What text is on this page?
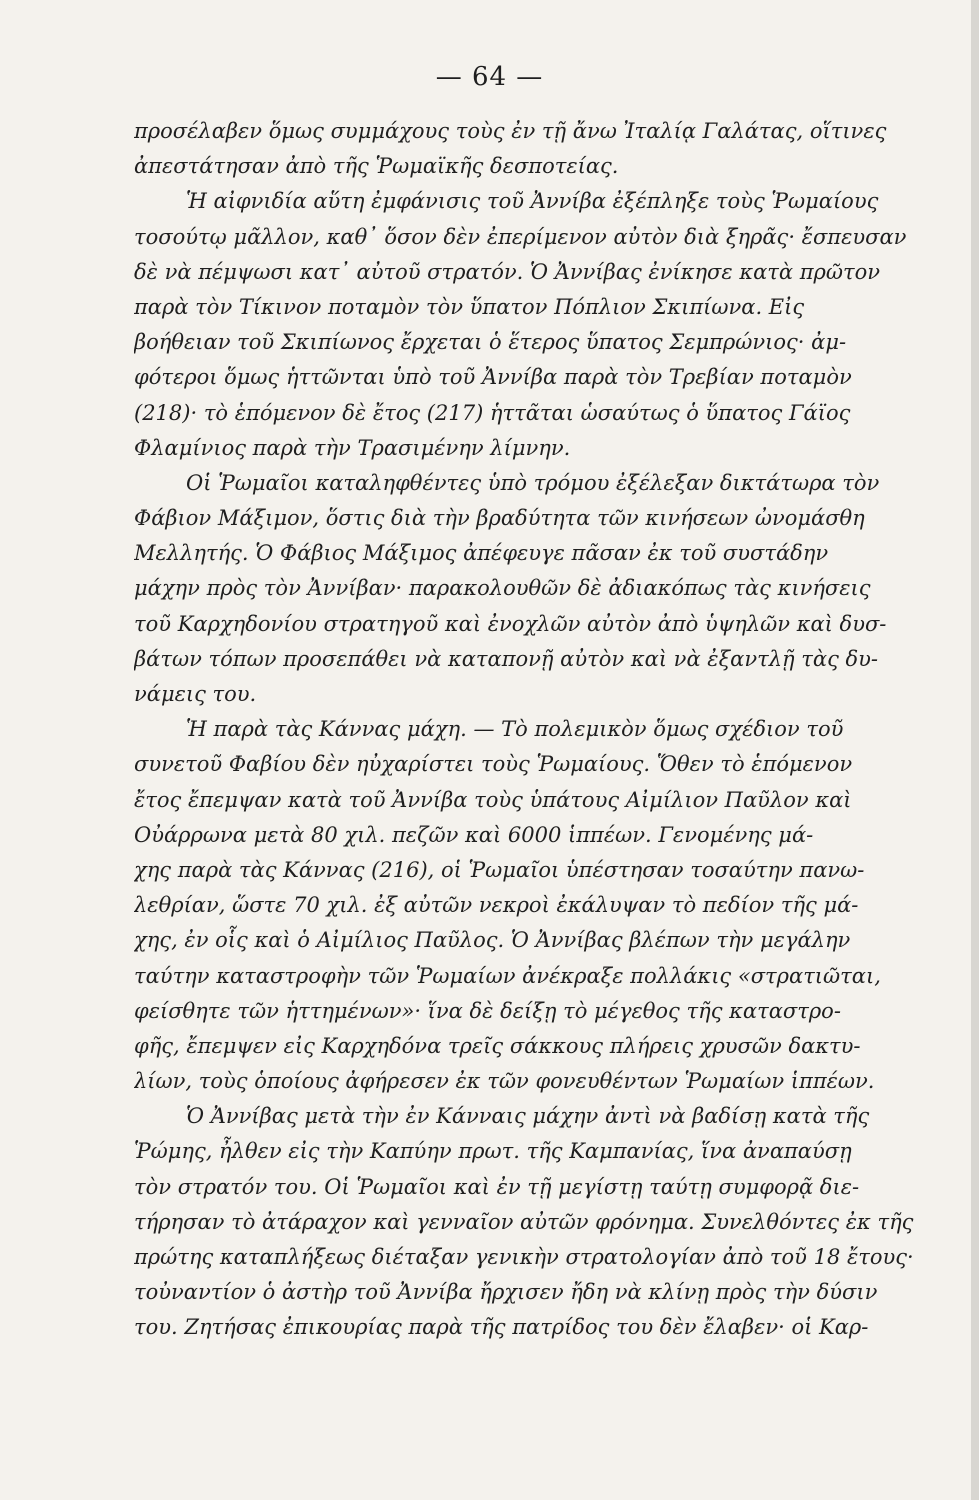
— 64 —
προσέλαβεν ὅμως συμμάχους τοὺς ἐν τῇ ἄνω Ἰταλίᾳ Γαλάτας, οἵτινες
ἀπεστάτησαν ἀπὸ τῆς Ῥωμαϊκῆς δεσποτείας.
Ἡ αἰφνιδία αὕτη ἐμφάνισις τοῦ Ἀννίβα ἐξέπληξε τοὺς Ῥωμαίους
τοσούτῳ μᾶλλον, καθ᾽ ὅσον δὲν ἐπερίμενον αὐτὸν διὰ ξηρᾶς· ἔσπευσαν
δὲ νὰ πέμψωσι κατ᾽ αὐτοῦ στρατόν. Ὁ Ἀννίβας ἐνίκησε κατὰ πρῶτον
παρὰ τὸν Τίκινον ποταμὸν τὸν ὕπατον Πόπλιον Σκιπίωνα. Εἰς
βοήθειαν τοῦ Σκιπίωνος ἔρχεται ὁ ἕτερος ὕπατος Σεμπρώνιος· ἀμ-
φότεροι ὅμως ἡττῶνται ὑπὸ τοῦ Ἀννίβα παρὰ τὸν Τρεβίαν ποταμὸν
(218)· τὸ ἑπόμενον δὲ ἔτος (217) ἡττᾶται ὡσαύτως ὁ ὕπατος Γάϊος
Φλαμίνιος παρὰ τὴν Τρασιμένην λίμνην.
Οἱ Ῥωμαῖοι καταληφθέντες ὑπὸ τρόμου ἐξέλεξαν δικτάτωρα τὸν
Φάβιον Μάξιμον, ὅστις διὰ τὴν βραδύτητα τῶν κινήσεων ὠνομάσθη
Μελλητής. Ὁ Φάβιος Μάξιμος ἀπέφευγε πᾶσαν ἐκ τοῦ συστάδην
μάχην πρὸς τὸν Ἀννίβαν· παρακολουθῶν δὲ ἀδιακόπως τὰς κινήσεις
τοῦ Καρχηδονίου στρατηγοῦ καὶ ἐνοχλῶν αὐτὸν ἀπὸ ὑψηλῶν καὶ δυσ-
βάτων τόπων προσεπάθει νὰ καταπονῇ αὐτὸν καὶ νὰ ἐξαντλῇ τὰς δυ-
νάμεις του.
Ἡ παρὰ τὰς Κάννας μάχη. — Τὸ πολεμικὸν ὅμως σχέδιον τοῦ
συνετοῦ Φαβίου δὲν ηὐχαρίστει τοὺς Ῥωμαίους. Ὅθεν τὸ ἑπόμενον
ἔτος ἔπεμψαν κατὰ τοῦ Ἀννίβα τοὺς ὑπάτους Αἰμίλιον Παῦλον καὶ
Οὐάρρωνα μετὰ 80 χιλ. πεζῶν καὶ 6000 ἱππέων. Γενομένης μά-
χης παρὰ τὰς Κάννας (216), οἱ Ῥωμαῖοι ὑπέστησαν τοσαύτην πανω-
λεθρίαν, ὥστε 70 χιλ. ἐξ αὐτῶν νεκροὶ ἐκάλυψαν τὸ πεδίον τῆς μά-
χης, ἐν οἷς καὶ ὁ Αἰμίλιος Παῦλος. Ὁ Ἀννίβας βλέπων τὴν μεγάλην
ταύτην καταστροφὴν τῶν Ῥωμαίων ἀνέκραξε πολλάκις «στρατιῶται,
φείσθητε τῶν ἡττημένων»· ἵνα δὲ δείξῃ τὸ μέγεθος τῆς καταστρο-
φῆς, ἔπεμψεν εἰς Καρχηδόνα τρεῖς σάκκους πλήρεις χρυσῶν δακτυ-
λίων, τοὺς ὁποίους ἀφήρεσεν ἐκ τῶν φονευθέντων Ῥωμαίων ἱππέων.
Ὁ Ἀννίβας μετὰ τὴν ἐν Κάνναις μάχην ἀντὶ νὰ βαδίσῃ κατὰ τῆς
Ῥώμης, ἦλθεν εἰς τὴν Καπύην πρωτ. τῆς Καμπανίας, ἵνα ἀναπαύσῃ
τὸν στρατόν του. Οἱ Ῥωμαῖοι καὶ ἐν τῇ μεγίστῃ ταύτῃ συμφορᾷ διε-
τήρησαν τὸ ἀτάραχον καὶ γενναῖον αὐτῶν φρόνημα. Συνελθόντες ἐκ τῆς
πρώτης καταπλήξεως διέταξαν γενικὴν στρατολογίαν ἀπὸ τοῦ 18 ἔτους·
τοὐναντίον ὁ ἀστὴρ τοῦ Ἀννίβα ἤρχισεν ἤδη νὰ κλίνῃ πρὸς τὴν δύσιν
του. Ζητήσας ἐπικουρίας παρὰ τῆς πατρίδος του δὲν ἔλαβεν· οἱ Καρ-
